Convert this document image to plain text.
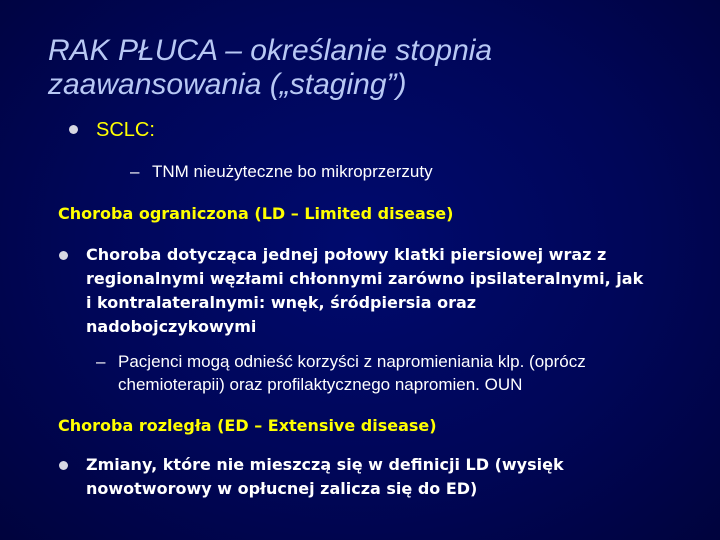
RAK PŁUCA – określanie stopnia
zaawansowania („staging”)
SCLC:
– TNM nieużyteczne bo mikroprzerzuty
Choroba ograniczona (LD – Limited disease)
Choroba dotycząca jednej połowy klatki piersiowej wraz z
regionalnymi węzłami chłonnymi zarówno ipsilateralnymi, jak
i kontralateralnymi: wnęk, śródpiersia oraz
nadobojczykowymi
– Pacjenci mogą odnieść korzyści z napromieniania klp. (oprócz
chemioterapii) oraz profilaktycznego napromien. OUN
Choroba rozległa (ED – Extensive disease)
Zmiany, które nie mieszczą się w definicji LD (wysięk
nowotworowy w opłucnej zalicza się do ED)
